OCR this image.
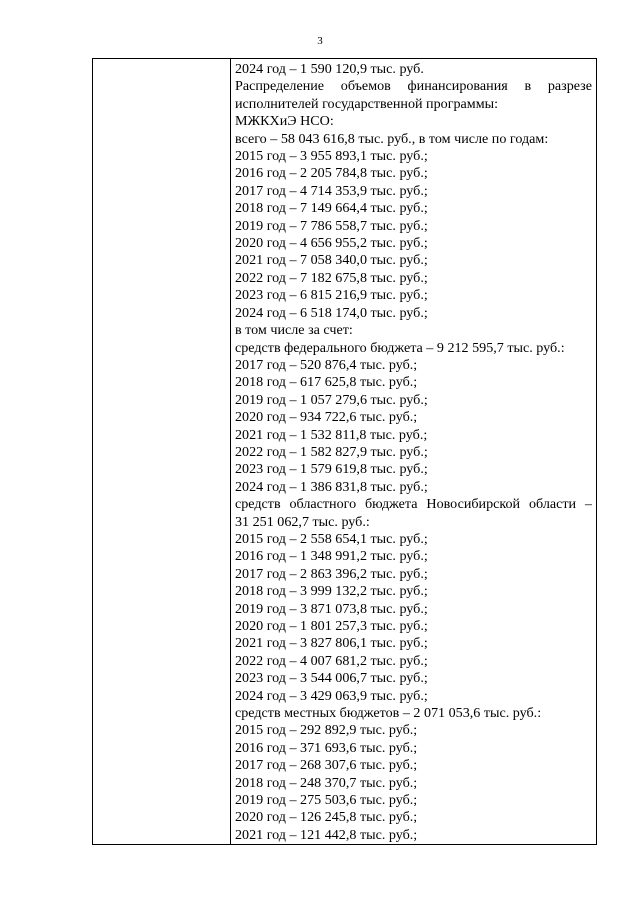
3

2024 год – 1 590 120,9 тыс. руб.
Распределение объемов финансирования в разрезе
исполнителей государственной программы:
МЖКХиЭ НСО:
всего – 58 043 616,8 тыс. руб., в том числе по годам:
2015 год – 3 955 893,1 тыс. руб.;
2016 год – 2 205 784,8 тыс. руб.;
2017 год – 4 714 353,9 тыс. руб.;
2018 год – 7 149 664,4 тыс. руб.;
2019 год – 7 786 558,7 тыс. руб.;
2020 год – 4 656 955,2 тыс. руб.;
2021 год – 7 058 340,0 тыс. руб.;
2022 год – 7 182 675,8 тыс. руб.;
2023 год – 6 815 216,9 тыс. руб.;
2024 год – 6 518 174,0 тыс. руб.;
в том числе за счет:
средств федерального бюджета – 9 212 595,7 тыс. руб.:
2017 год – 520 876,4 тыс. руб.;
2018 год – 617 625,8 тыс. руб.;
2019 год – 1 057 279,6 тыс. руб.;
2020 год – 934 722,6 тыс. руб.;
2021 год – 1 532 811,8 тыс. руб.;
2022 год – 1 582 827,9 тыс. руб.;
2023 год – 1 579 619,8 тыс. руб.;
2024 год – 1 386 831,8 тыс. руб.;
средств областного бюджета Новосибирской области –
31 251 062,7 тыс. руб.:
2015 год – 2 558 654,1 тыс. руб.;
2016 год – 1 348 991,2 тыс. руб.;
2017 год – 2 863 396,2 тыс. руб.;
2018 год – 3 999 132,2 тыс. руб.;
2019 год – 3 871 073,8 тыс. руб.;
2020 год – 1 801 257,3 тыс. руб.;
2021 год – 3 827 806,1 тыс. руб.;
2022 год – 4 007 681,2 тыс. руб.;
2023 год – 3 544 006,7 тыс. руб.;
2024 год – 3 429 063,9 тыс. руб.;
средств местных бюджетов – 2 071 053,6 тыс. руб.:
2015 год – 292 892,9 тыс. руб.;
2016 год – 371 693,6 тыс. руб.;
2017 год – 268 307,6 тыс. руб.;
2018 год – 248 370,7 тыс. руб.;
2019 год – 275 503,6 тыс. руб.;
2020 год – 126 245,8 тыс. руб.;
2021 год – 121 442,8 тыс. руб.;
